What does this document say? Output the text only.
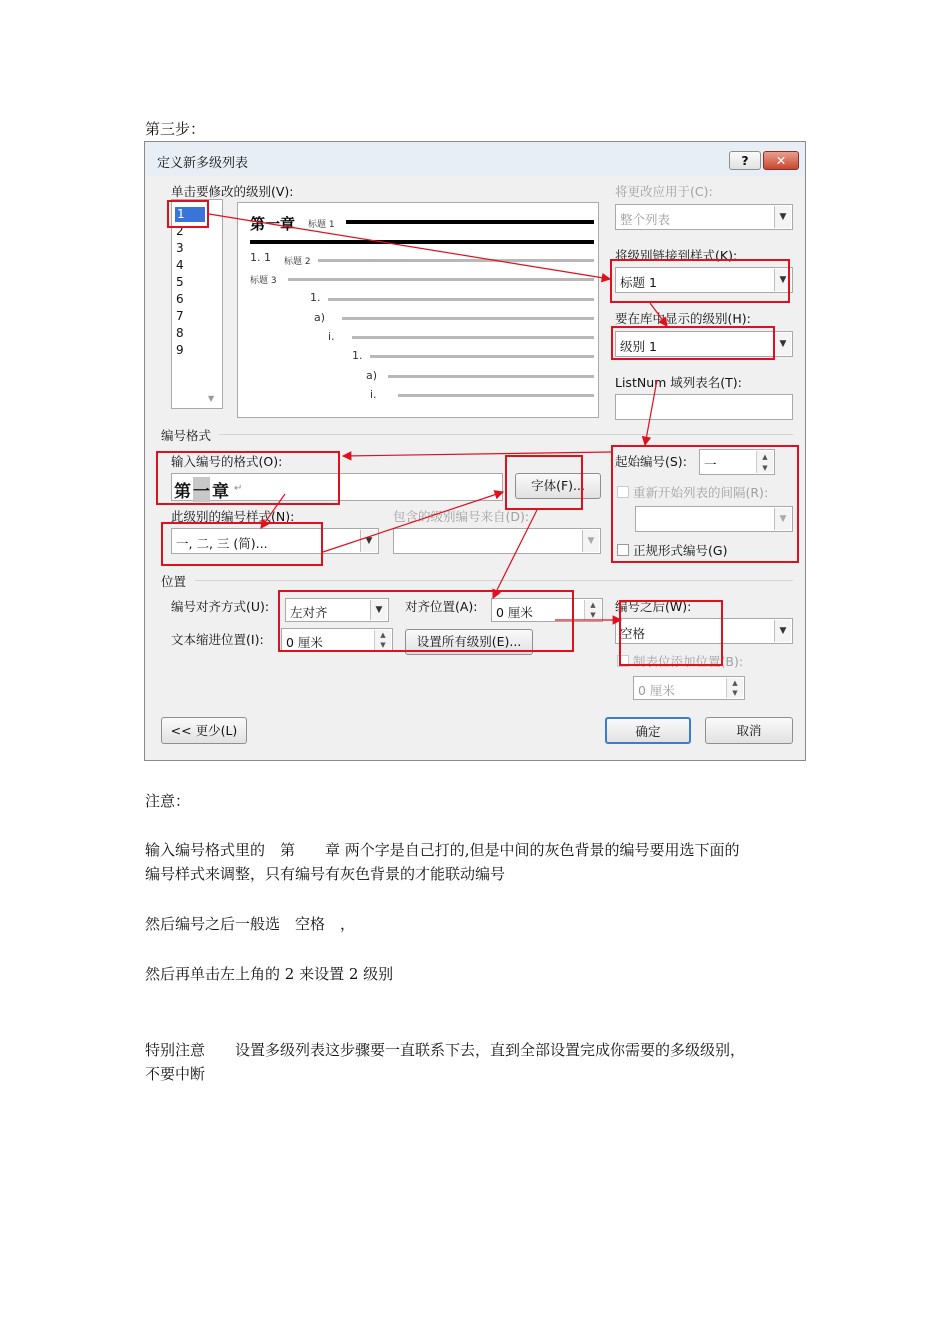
第三步：
定义新多级列表	?	✕
单击要修改的级别(V):
1
2
3
4
5
6
7
8
9
▼
第一章 标题 1
1. 1 标题 2
标题 3
1.
a)
i.
1.
a)
i.
将更改应用于(C):
整个列表	▼
将级别链接到样式(K):
标题 1	▼
要在库中显示的级别(H):
级别 1	▼
ListNum 域列表名(T):
编号格式
输入编号的格式(O):
第 一 章 ↵	字体(F)...
此级别的编号样式(N):
一, 二, 三 (简)...	▼
包含的级别编号来自(D):
▼
起始编号(S): 一
▲
▼
重新开始列表的间隔(R):
▼
正规形式编号(G)
位置
编号对齐方式(U): 左对齐	▼	对齐位置(A): 0 厘米	▲
▼
编号之后(W):
空格	▼
文本缩进位置(I): 0 厘米	▲
▼	设置所有级别(E)...
制表位添加位置(B):
0 厘米	▲
▼
<< 更少(L)	确定	取消
注意：
输入编号格式里的　第　　章 两个字是自己打的,但是中间的灰色背景的编号要用选下面的
编号样式来调整，只有编号有灰色背景的才能联动编号
然后编号之后一般选　空格　，
然后再单击左上角的 2 来设置 2 级别
特别注意　　设置多级列表这步骤要一直联系下去，直到全部设置完成你需要的多级级别，
不要中断
